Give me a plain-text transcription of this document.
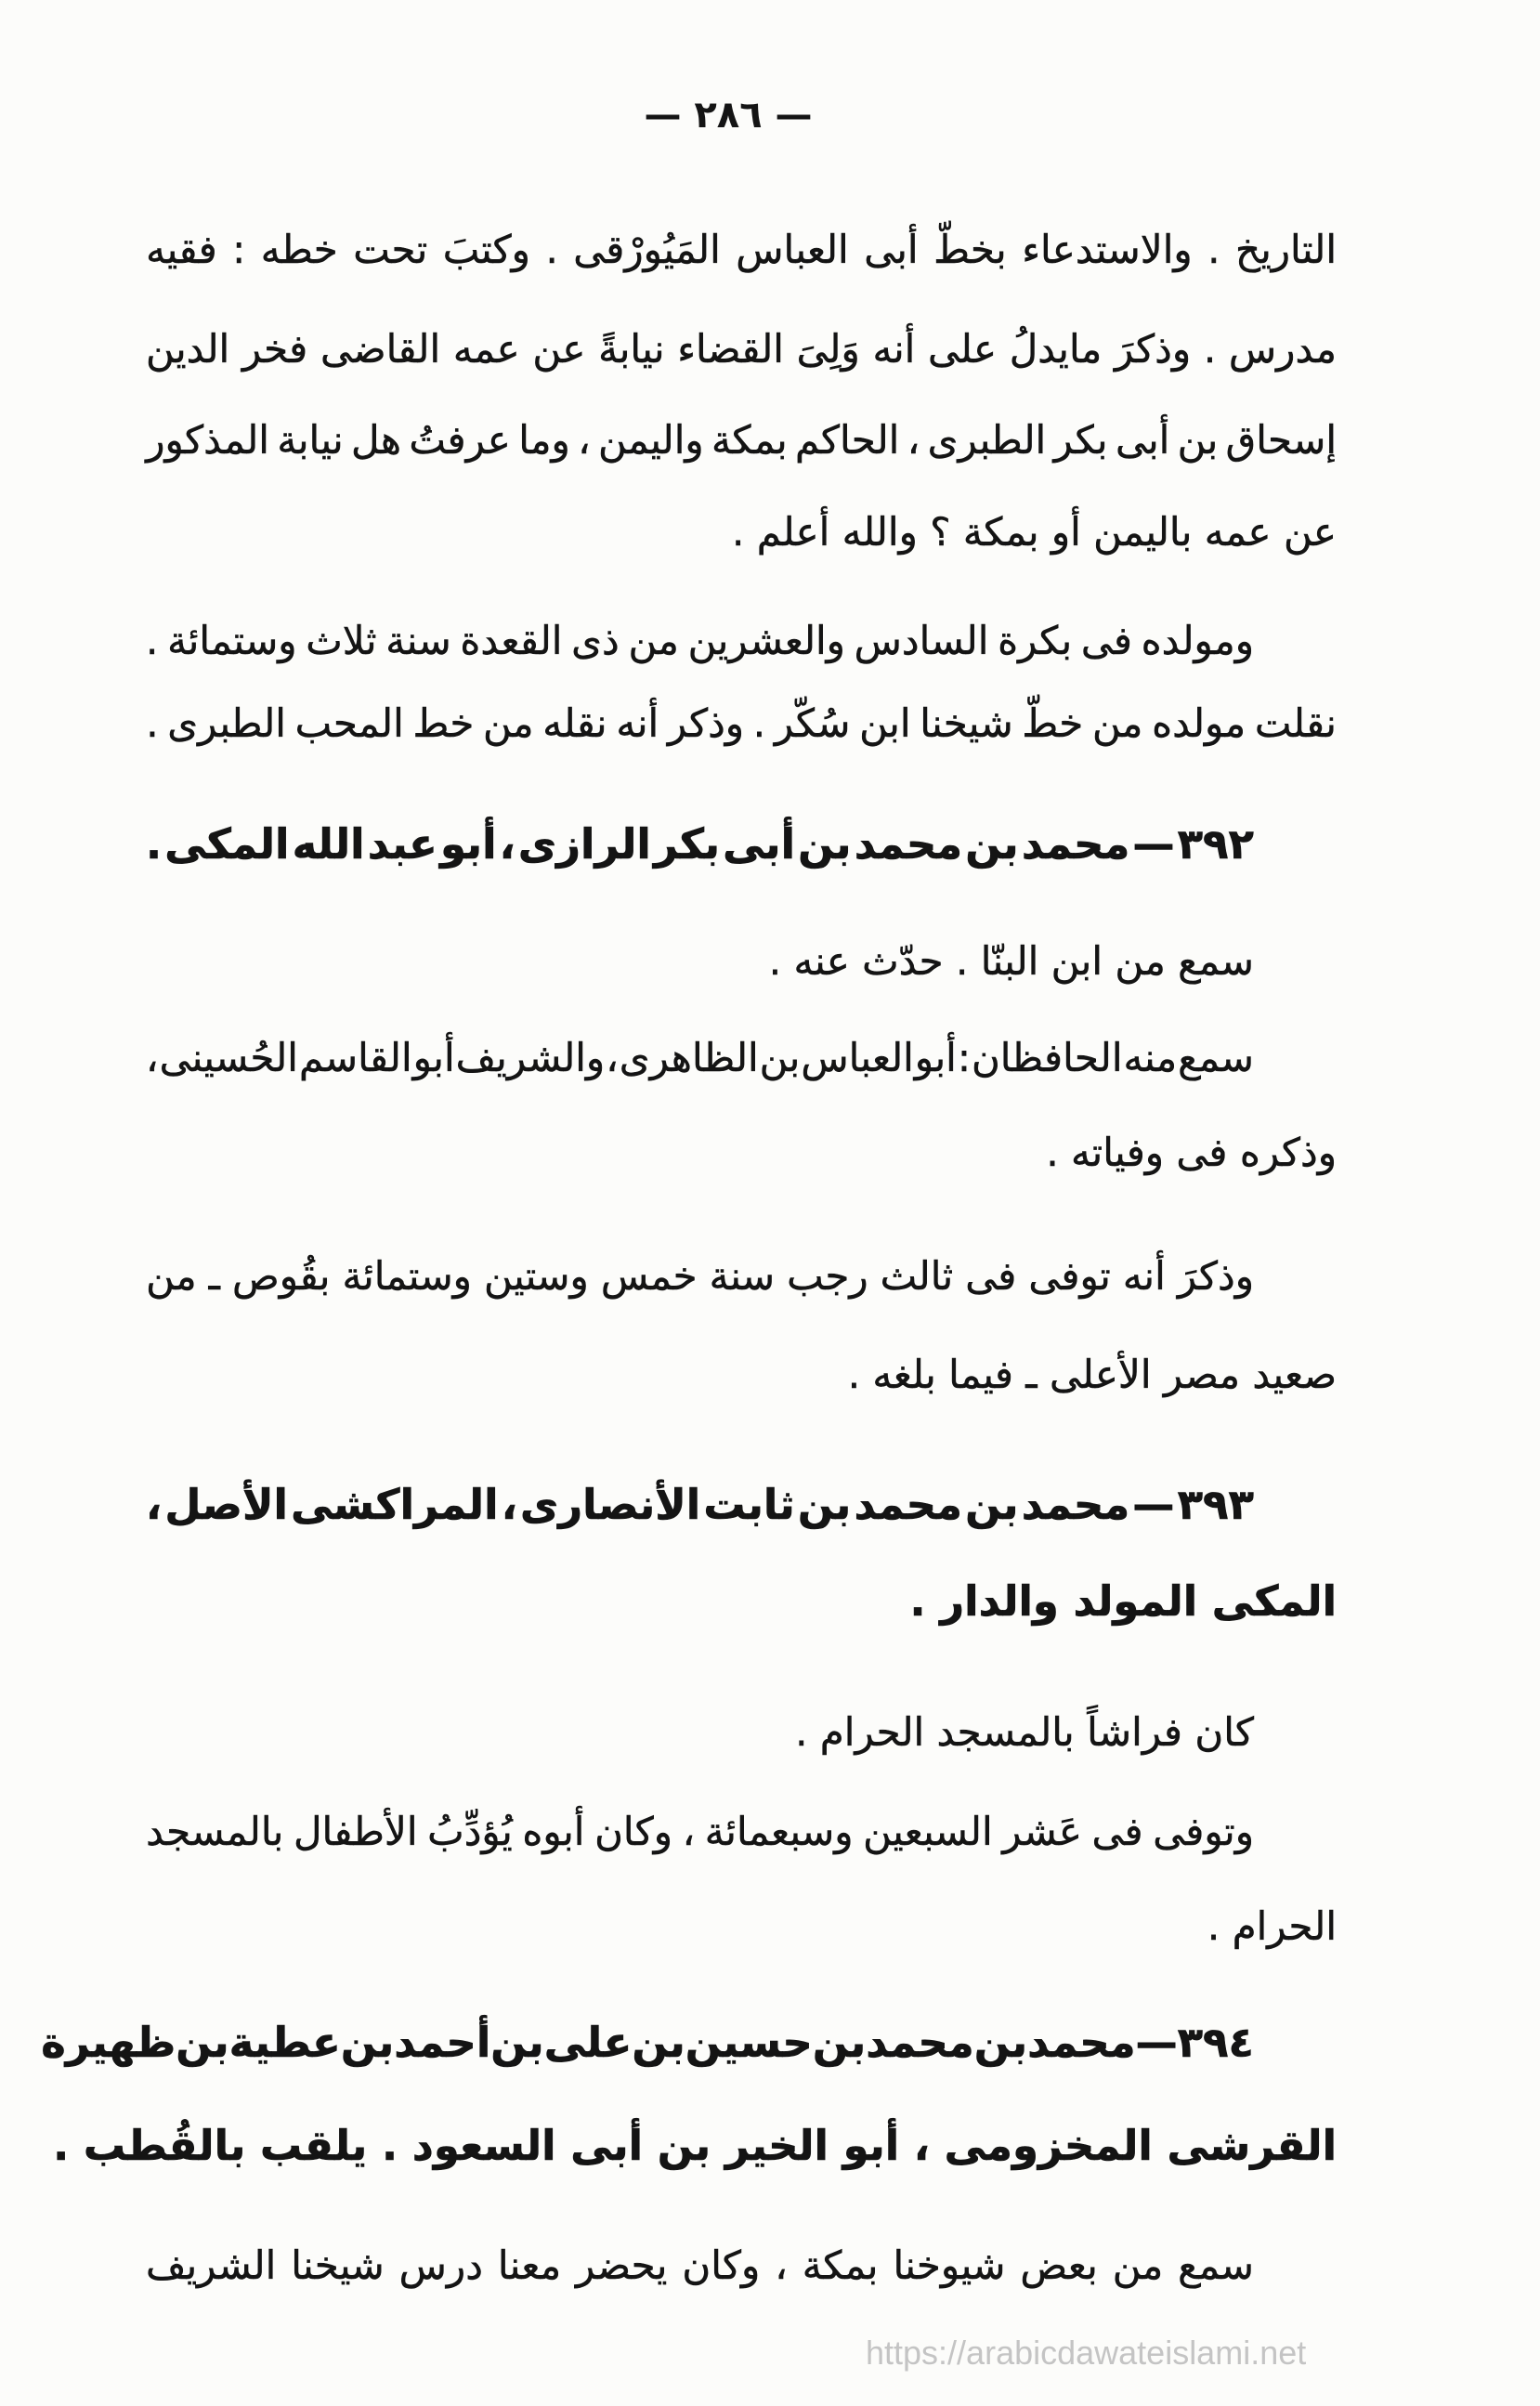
— ٢٨٦ —
التاريخ
.
والاستدعاء
بخطّ
أبى
العباس
المَيُورْقى
.
وكتبَ
تحت
خطه
:
فقيه
مدرس
.
وذكرَ
مايدلُ
على
أنه
وَلِىَ
القضاء
نيابةً
عن
عمه
القاضى
فخر
الدين
إسحاق
بن
أبى
بكر
الطبرى
،
الحاكم
بمكة
واليمن
،
وما
عرفتُ
هل
نيابة
المذكور
عن عمه باليمن أو بمكة ؟ والله أعلم .
ومولده
فى
بكرة
السادس
والعشرين
من
ذى
القعدة
سنة
ثلاث
وستمائة
.
نقلت
مولده
من
خطّ
شيخنا
ابن
سُكّر
.
وذكر
أنه
نقله
من
خط
المحب
الطبرى
.
٣٩٢
—
محمد
بن
محمد
بن
أبى
بكر
الرازى
،
أبو
عبد
الله
المكى
.
سمع من ابن البنّا . حدّث عنه .
سمع
منه
الحافظان
:
أبو
العباس
بن
الظاهرى
،
والشريف
أبو
القاسم
الحُسينى
،
وذكره فى وفياته .
وذكرَ
أنه
توفى
فى
ثالث
رجب
سنة
خمس
وستين
وستمائة
بقُوص
ـ
من
صعيد مصر الأعلى ـ فيما بلغه .
٣٩٣
—
محمد
بن
محمد
بن
ثابت
الأنصارى
،
المراكشى
الأصل
،
المكى المولد والدار .
كان فراشاً بالمسجد الحرام .
وتوفى
فى
عَشر
السبعين
وسبعمائة
،
وكان
أبوه
يُؤدِّبُ
الأطفال
بالمسجد
الحرام .
٣٩٤
—
محمد
بن
محمد
بن
حسين
بن
على
بن
أحمد
بن
عطية
بن
ظهيرة
القرشى المخزومى ، أبو الخير بن أبى السعود . يلقب بالقُطب .
سمع
من
بعض
شيوخنا
بمكة
،
وكان
يحضر
معنا
درس
شيخنا
الشريف
https://arabicdawateislami.net
